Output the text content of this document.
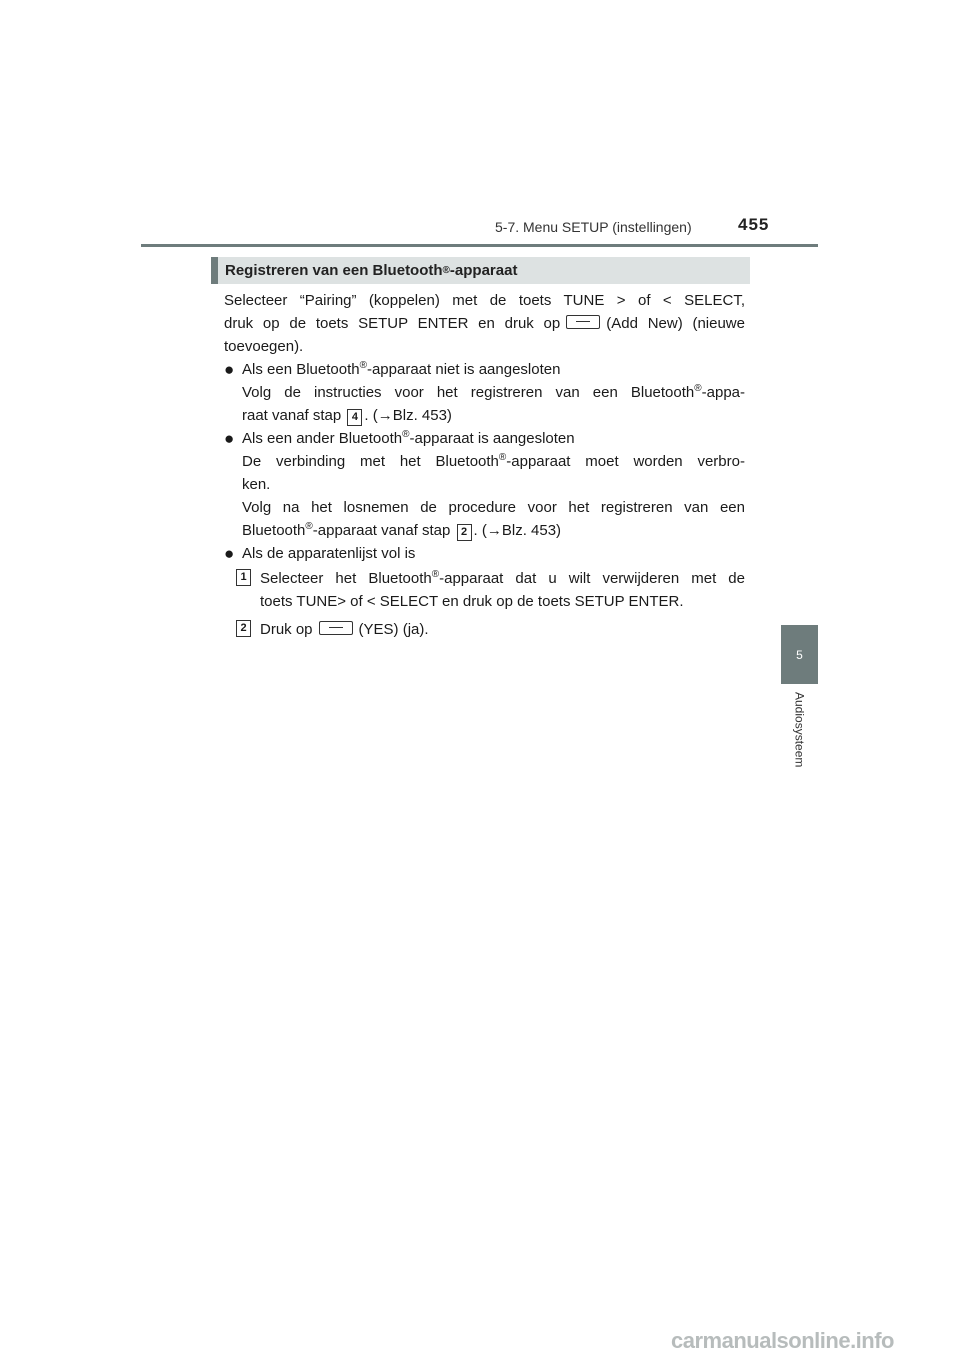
5-7. Menu SETUP (instellingen)	455
5
Audiosysteem
Registreren van een Bluetooth ® -apparaat
Selecteer “Pairing” (koppelen) met de toets TUNE > of < SELECT,
druk op de toets SETUP ENTER en druk op	(Add New) (nieuwe
toevoegen).
● Als een Bluetooth®-apparaat niet is aangesloten
Volg de instructies voor het registreren van een Bluetooth®-appa-
raat vanaf stap 4 . (→Blz. 453)
● Als een ander Bluetooth®-apparaat is aangesloten
De verbinding met het Bluetooth®-apparaat moet worden verbro-
ken.
Volg na het losnemen de procedure voor het registreren van een
Bluetooth®-apparaat vanaf stap 2 . (→Blz. 453)
● Als de apparatenlijst vol is
1 Selecteer het Bluetooth®-apparaat dat u wilt verwijderen met de
toets TUNE> of < SELECT en druk op de toets SETUP ENTER.
2 Druk op	(YES) (ja).
carmanualsonline.info
